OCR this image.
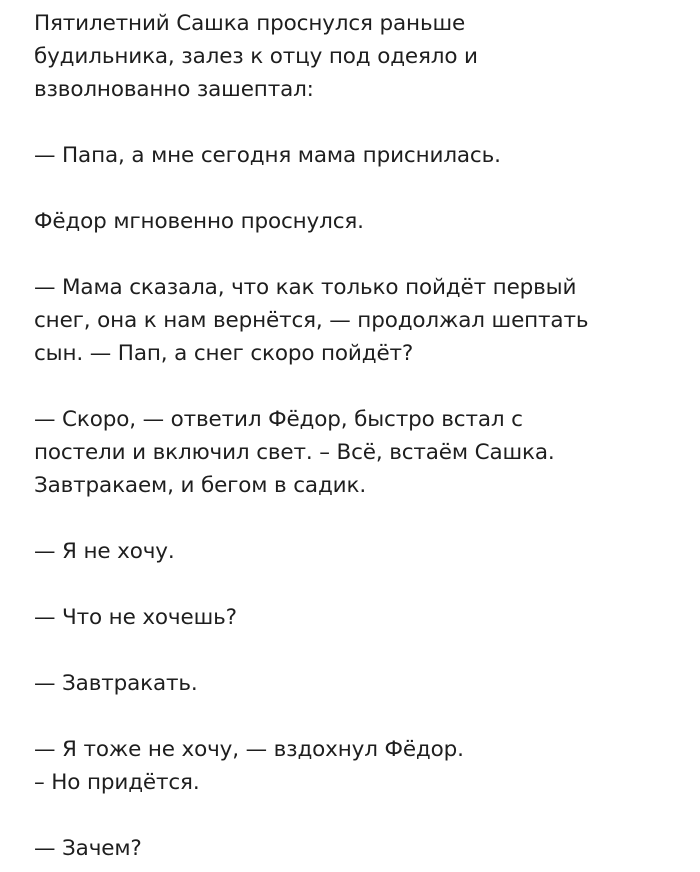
Пятилетний Сашка проснулся раньше
будильника, залез к отцу под одеяло и
взволнованно зашептал:
— Папа, а мне сегодня мама приснилась.
Фёдор мгновенно проснулся.
— Мама сказала, что как только пойдёт первый
снег, она к нам вернётся, — продолжал шептать
сын. — Пап, а снег скоро пойдёт?
— Скоро, — ответил Фёдор, быстро встал с
постели и включил свет. – Всё, встаём Сашка.
Завтракаем, и бегом в садик.
— Я не хочу.
— Что не хочешь?
— Завтракать.
— Я тоже не хочу, — вздохнул Фёдор.
– Но придётся.
— Зачем?
